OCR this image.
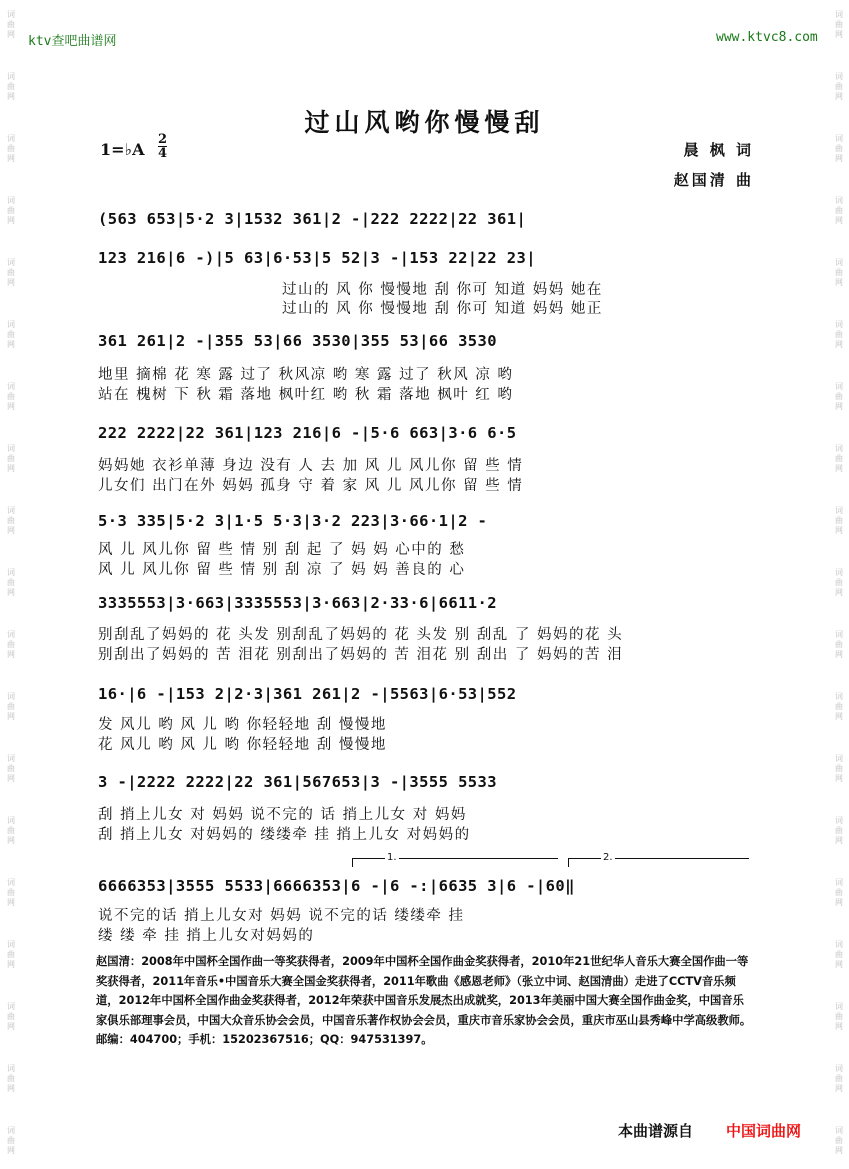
ktv查吧曲谱网	www.ktvc8.com
词
曲
网
词
曲
网
词
曲
网
词
曲
网
词
曲
网
词
曲
网
词
曲
网
词
曲
网
词
曲
网
词
曲
网
词
曲
网
词
曲
网
词
曲
网
词
曲
网
词
曲
网
词
曲
网
词
曲
网
词
曲
网
词
曲
网
词
曲
网
词
曲
网
词
曲
网
词
曲
网
词
曲
网
词
曲
网
词
曲
网
词
曲
网
词
曲
网
词
曲
网
词
曲
网
词
曲
网
词
曲
网
词
曲
网
词
曲
网
词
曲
网
词
曲
网
词
曲
网
词
曲
网
过山风哟你慢慢刮
1=♭A
2
4	晨 枫 词
赵国清 曲
(563 653|5·2 3|1532 361|2 -|222 2222|22 361|
123 216|6 -)|5 63|6·53|5 52|3 -|153 22|22 23|
过山的 风 你 慢慢地 刮 你可 知道 妈妈 她在
过山的 风 你 慢慢地 刮 你可 知道 妈妈 她正
361 261|2 -|355 53|66 3530|355 53|66 3530
地里 摘棉 花 寒 露 过了 秋风凉 哟 寒 露 过了 秋风 凉 哟
站在 槐树 下 秋 霜 落地 枫叶红 哟 秋 霜 落地 枫叶 红 哟
222 2222|22 361|123 216|6 -|5·6 663|3·6 6·5
妈妈她 衣衫单薄 身边 没有 人 去 加 风 儿 风儿你 留 些 情
儿女们 出门在外 妈妈 孤身 守 着 家 风 儿 风儿你 留 些 情
5·3 335|5·2 3|1·5 5·3|3·2 223|3·66·1|2 -
风 儿 风儿你 留 些 情 别 刮 起 了 妈 妈 心中的 愁
风 儿 风儿你 留 些 情 别 刮 凉 了 妈 妈 善良的 心
3335553|3·663|3335553|3·663|2·33·6|6611·2
别刮乱了妈妈的 花 头发 别刮乱了妈妈的 花 头发 别 刮乱 了 妈妈的花 头
别刮出了妈妈的 苦 泪花 别刮出了妈妈的 苦 泪花 别 刮出 了 妈妈的苦 泪
16·|6 -|153 2|2·3|361 261|2 -|5563|6·53|552
发 风儿 哟 风 儿 哟 你轻轻地 刮 慢慢地
花 风儿 哟 风 儿 哟 你轻轻地 刮 慢慢地
3 -|2222 2222|22 361|567653|3 -|3555 5533
刮 捎上儿女 对 妈妈 说不完的 话 捎上儿女 对 妈妈
刮 捎上儿女 对妈妈的 缕缕牵 挂 捎上儿女 对妈妈的
1.	2.
6666353|3555 5533|6666353|6 -|6 -:|6635 3|6 -|60‖
说不完的话 捎上儿女对 妈妈 说不完的话 缕缕牵 挂
缕 缕 牵 挂 捎上儿女对妈妈的
赵国清：2008年中国杯全国作曲一等奖获得者，2009年中国杯全国作曲金奖获得者，2010年21世纪华人音乐大赛全国作曲一等奖获得者，2011年音乐•中国音乐大赛全国金奖获得者，2011年歌曲《感恩老师》（张立中词、赵国清曲）走进了CCTV音乐频道，2012年中国杯全国作曲金奖获得者，2012年荣获中国音乐发展杰出成就奖，2013年美丽中国大赛全国作曲金奖，中国音乐家俱乐部理事会员，中国大众音乐协会会员，中国音乐著作权协会会员，重庆市音乐家协会会员，重庆市巫山县秀峰中学高级教师。邮编：404700；手机：15202367516；QQ：947531397。
本曲谱源自 中国词曲网
